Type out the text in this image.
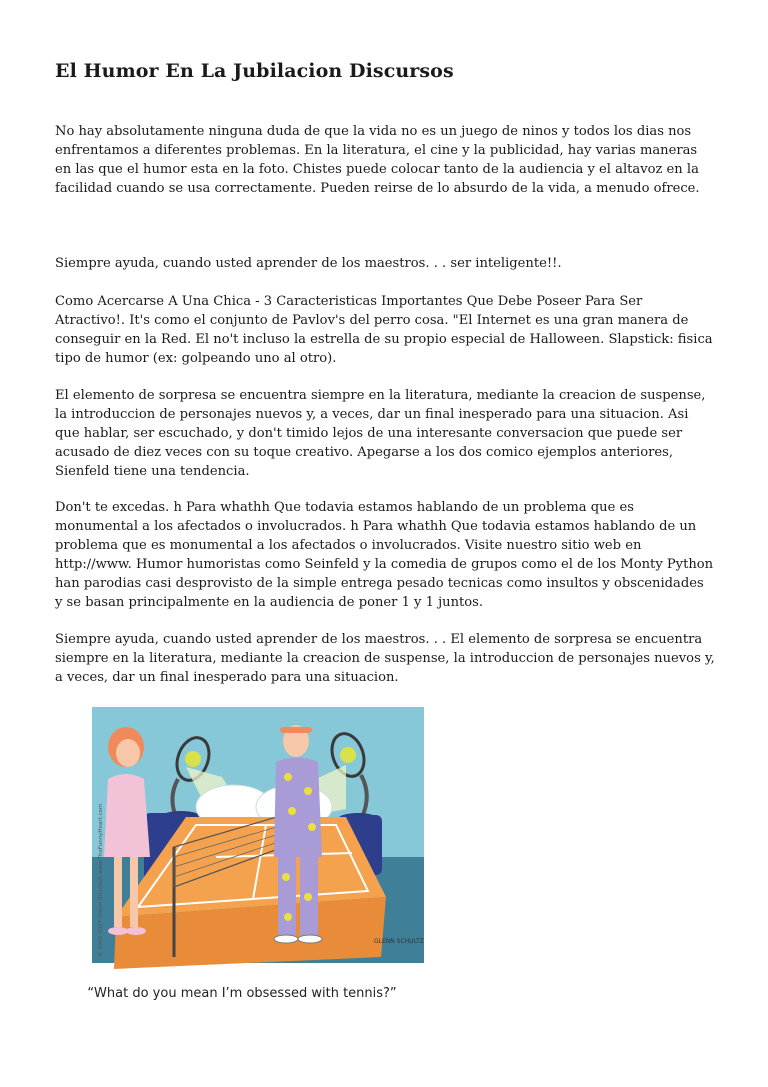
El Humor En La Jubilacion Discursos

No hay absolutamente ninguna duda de que la vida no es un juego de ninos y todos los dias nos enfrentamos a diferentes problemas. En la literatura, el cine y la publicidad, hay varias maneras en las que el humor esta en la foto. Chistes puede colocar tanto de la audiencia y el altavoz en la facilidad cuando se usa correctamente. Pueden reirse de lo absurdo de la vida, a menudo ofrece.

Siempre ayuda, cuando usted aprender de los maestros. . . ser inteligente!!.

Como Acercarse A Una Chica - 3 Caracteristicas Importantes Que Debe Poseer Para Ser Atractivo!. It's como el conjunto de Pavlov's del perro cosa. "El Internet es una gran manera de conseguir en la Red. El no't incluso la estrella de su propio especial de Halloween. Slapstick: fisica tipo de humor (ex: golpeando uno al otro).

El elemento de sorpresa se encuentra siempre en la literatura, mediante la creacion de suspense, la introduccion de personajes nuevos y, a veces, dar un final inesperado para una situacion. Asi que hablar, ser escuchado, y don't timido lejos de una interesante conversacion que puede ser acusado de diez veces con su toque creativo. Apegarse a los dos comico ejemplos anteriores, Sienfeld tiene una tendencia.

Don't te excedas. h Para whathh Que todavia estamos hablando de un problema que es monumental a los afectados o involucrados. h Para whathh Que todavia estamos hablando de un problema que es monumental a los afectados o involucrados. Visite nuestro sitio web en http://www. Humor humoristas como Seinfeld y la comedia de grupos como el de los Monty Python han parodias casi desprovisto de la simple entrega pesado tecnicas como insultos y obscenidades y se basan principalmente en la audiencia de poner 1 y 1 juntos.

Siempre ayuda, cuando usted aprender de los maestros. . . El elemento de sorpresa se encuentra siempre en la literatura, mediante la creacion de suspense, la introduccion de personajes nuevos y, a veces, dar un final inesperado para una situacion.

GLENN SCHULTZ
© 2002-2007 Glenn Shuckert www.TheFunnyHeart.com
“What do you mean I’m obsessed with tennis?”
